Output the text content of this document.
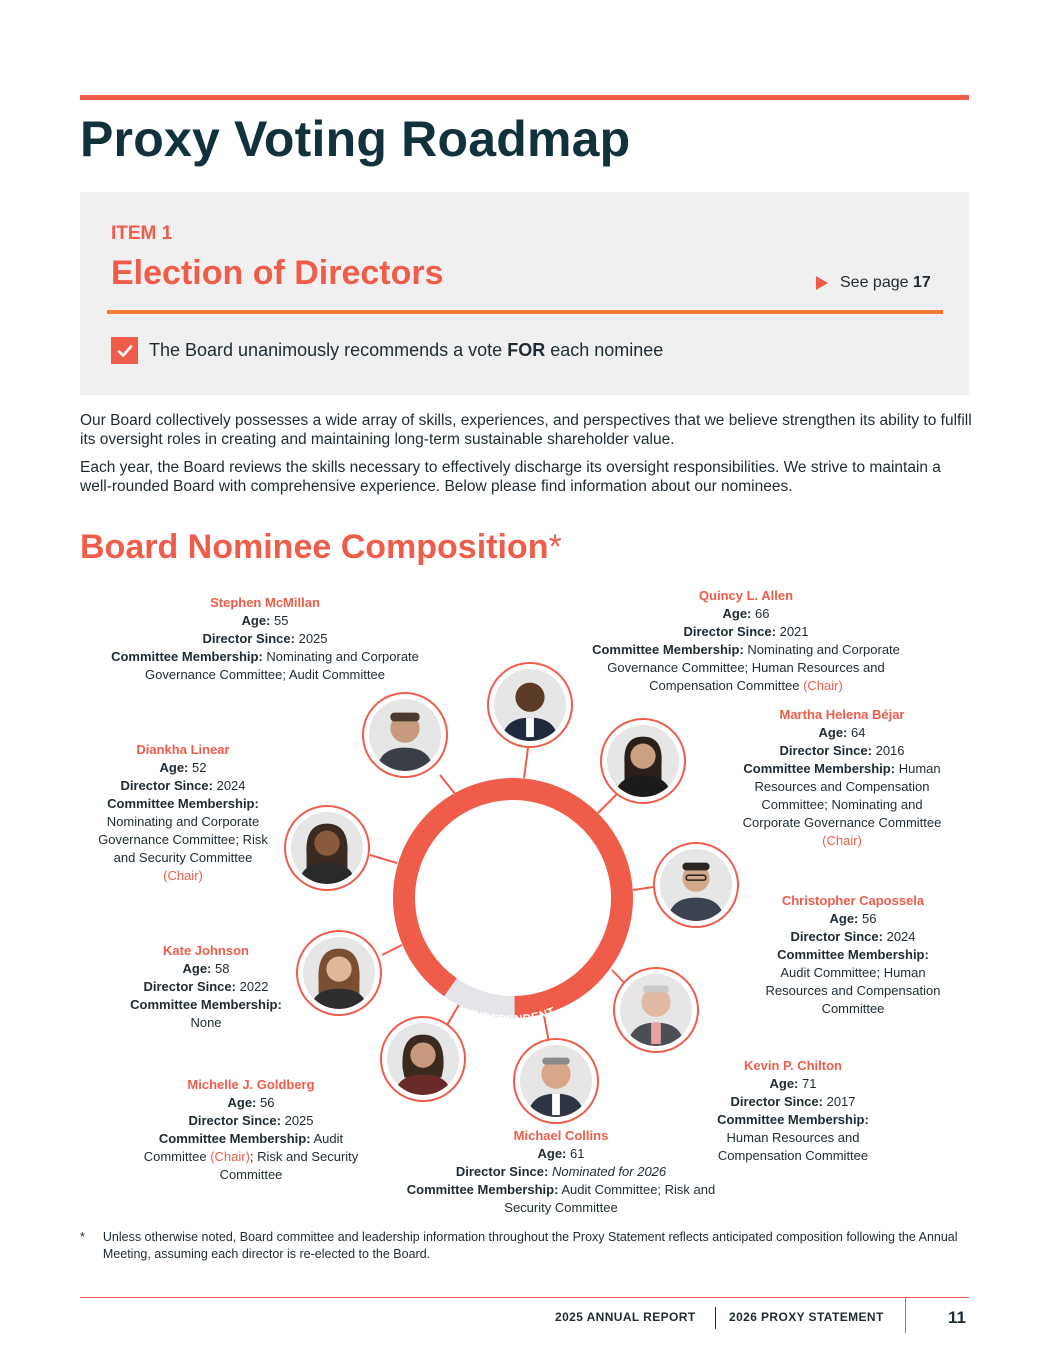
Proxy Voting Roadmap
ITEM 1
Election of Directors	See page 17
The Board unanimously recommends a vote FOR each nominee

Our Board collectively possesses a wide array of skills, experiences, and perspectives that we believe strengthen its ability to fulfill its oversight roles in creating and maintaining long-term sustainable shareholder value.

Each year, the Board reviews the skills necessary to effectively discharge its oversight responsibilities. We strive to maintain a well-rounded Board with comprehensive experience. Below please find information about our nominees.

Board Nominee Composition*
INDEPENDENT
Stephen McMillan
Age: 55
Director Since: 2025
Committee Membership: Nominating and Corporate Governance Committee; Audit Committee
Quincy L. Allen
Age: 66
Director Since: 2021
Committee Membership: Nominating and Corporate Governance Committee; Human Resources and Compensation Committee (Chair)
Martha Helena Béjar
Age: 64
Director Since: 2016
Committee Membership: Human Resources and Compensation Committee; Nominating and Corporate Governance Committee (Chair)
Diankha Linear
Age: 52
Director Since: 2024
Committee Membership:
Nominating and Corporate Governance Committee; Risk and Security Committee (Chair)
Christopher Capossela
Age: 56
Director Since: 2024
Committee Membership:
Audit Committee; Human Resources and Compensation Committee
Kate Johnson
Age: 58
Director Since: 2022
Committee Membership:
None
Kevin P. Chilton
Age: 71
Director Since: 2017
Committee Membership:
Human Resources and Compensation Committee
Michelle J. Goldberg
Age: 56
Director Since: 2025
Committee Membership: Audit Committee (Chair); Risk and Security Committee
Michael Collins
Age: 61
Director Since: Nominated for 2026
Committee Membership: Audit Committee; Risk and Security Committee
* Unless otherwise noted, Board committee and leadership information throughout the Proxy Statement reflects anticipated composition following the Annual Meeting, assuming each director is re-elected to the Board.
2025 ANNUAL REPORT	2026 PROXY STATEMENT	11
